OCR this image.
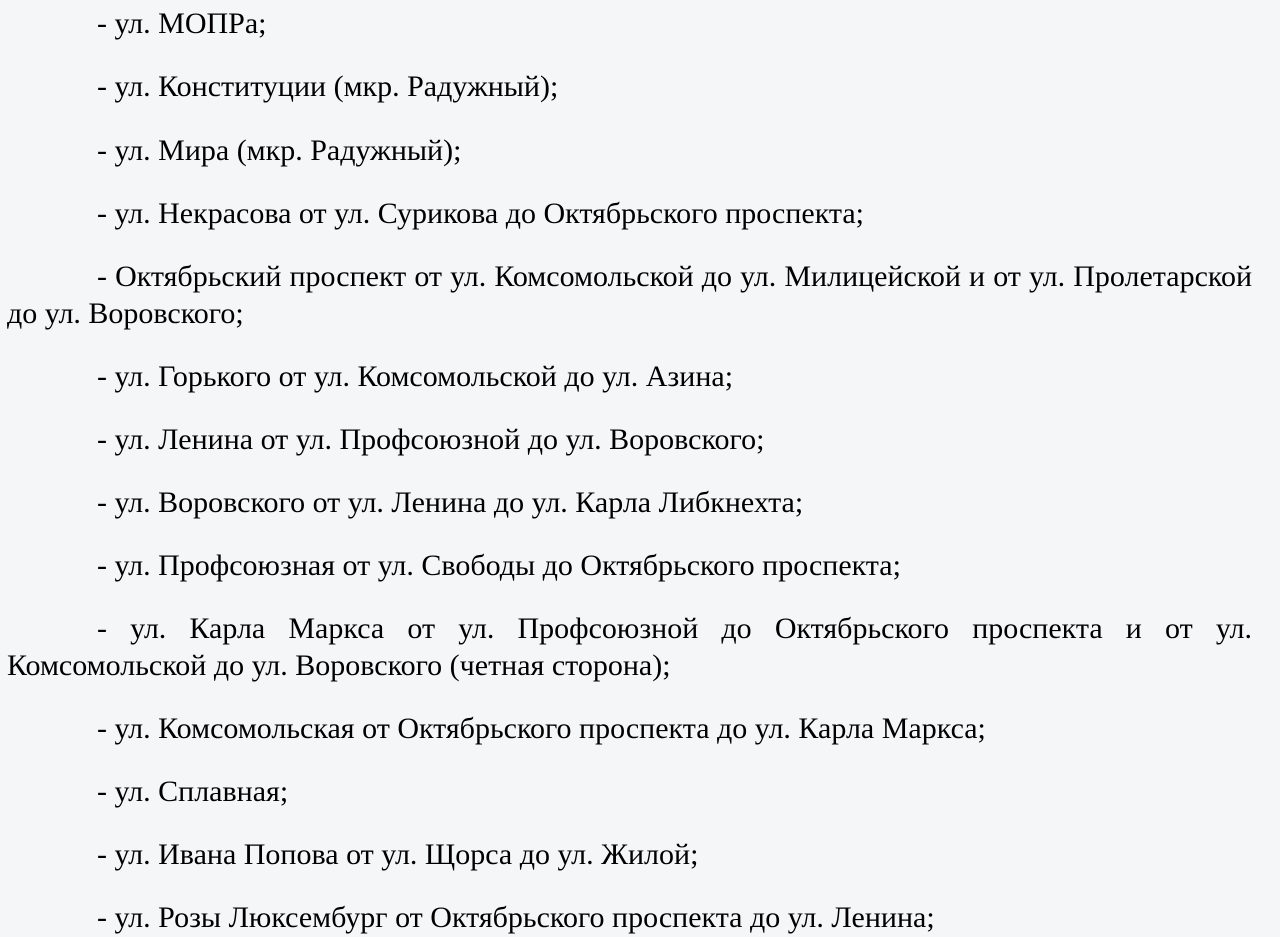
- ул. МОПРа;

- ул. Конституции (мкр. Радужный);

- ул. Мира (мкр. Радужный);

- ул. Некрасова от ул. Сурикова до Октябрьского проспекта;

- Октябрьский проспект от ул. Комсомольской до ул. Милицейской и от ул. Пролетарской до ул. Воровского;

- ул. Горького от ул. Комсомольской до ул. Азина;

- ул. Ленина от ул. Профсоюзной до ул. Воровского;

- ул. Воровского от ул. Ленина до ул. Карла Либкнехта;

- ул. Профсоюзная от ул. Свободы до Октябрьского проспекта;

- ул. Карла Маркса от ул. Профсоюзной до Октябрьского проспекта и от ул. Комсомольской до ул. Воровского (четная сторона);

- ул. Комсомольская от Октябрьского проспекта до ул. Карла Маркса;

- ул. Сплавная;

- ул. Ивана Попова от ул. Щорса до ул. Жилой;

- ул. Розы Люксембург от Октябрьского проспекта до ул. Ленина;
